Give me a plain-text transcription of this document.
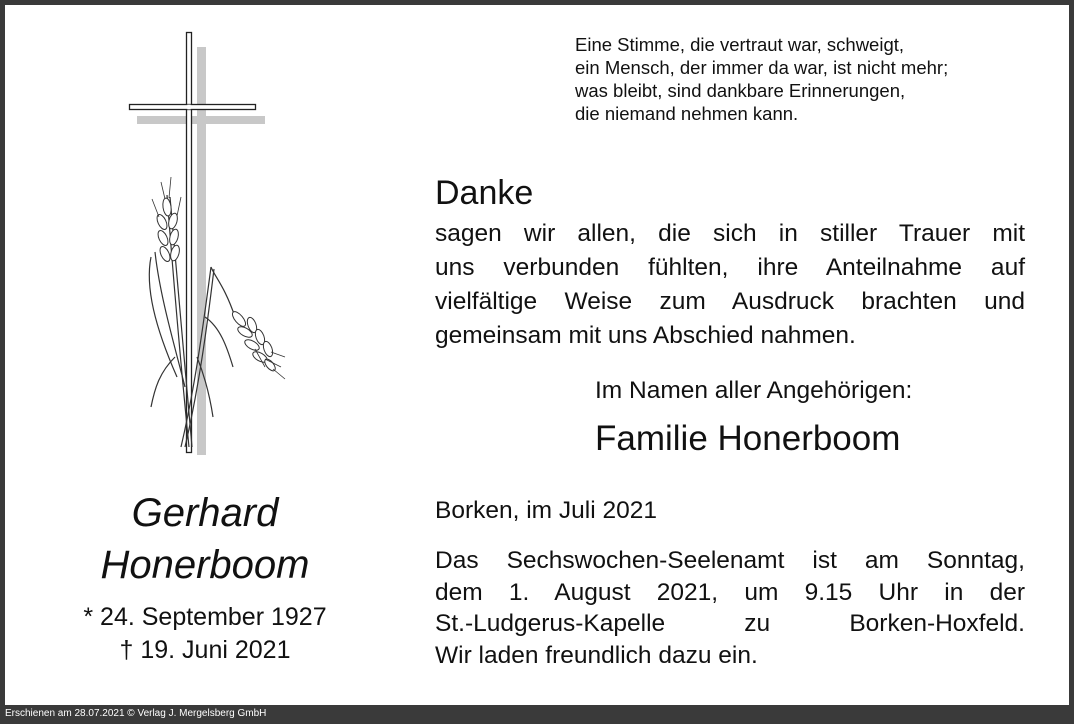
Eine Stimme, die vertraut war, schweigt,
ein Mensch, der immer da war, ist nicht mehr;
was bleibt, sind dankbare Erinnerungen,
die niemand nehmen kann.
Danke
sagen wir allen, die sich in stiller Trauer mit
uns verbunden fühlten, ihre Anteilnahme auf
vielfältige Weise zum Ausdruck brachten und
gemeinsam mit uns Abschied nahmen.
Im Namen aller Angehörigen:
Familie Honerboom
Borken, im Juli 2021
Das Sechswochen-Seelenamt ist am Sonntag,
dem 1. August 2021, um 9.15 Uhr in der
St.-Ludgerus-Kapelle zu Borken-Hoxfeld.
Wir laden freundlich dazu ein.
Gerhard
Honerboom
* 24. September 1927
† 19. Juni 2021
Erschienen am 28.07.2021 © Verlag J. Mergelsberg GmbH
